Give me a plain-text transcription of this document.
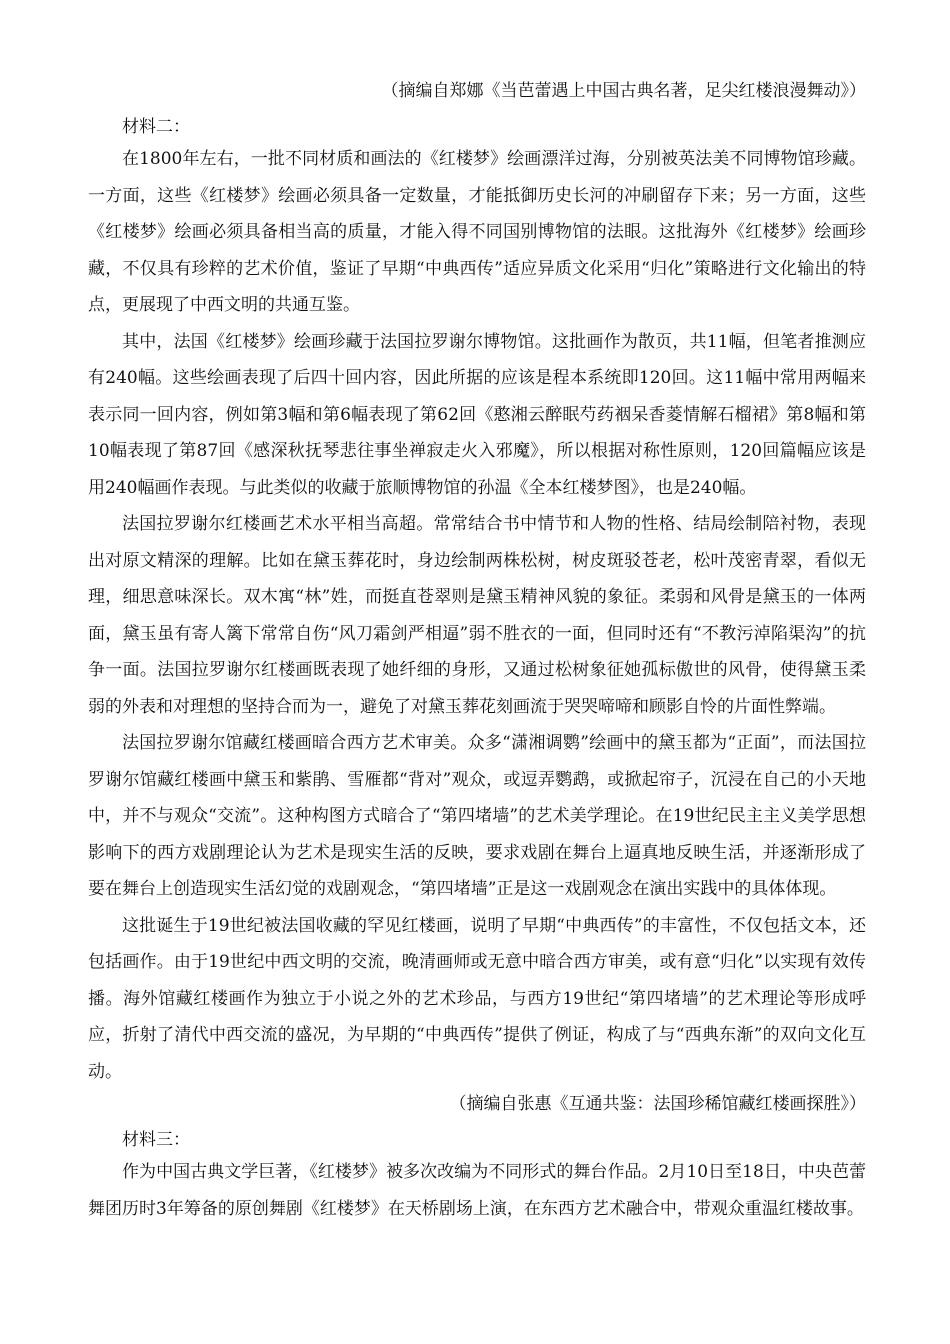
（摘编自郑娜《当芭蕾遇上中国古典名著，足尖红楼浪漫舞动》）
材料二：

在1800年左右，一批不同材质和画法的《红楼梦》绘画漂洋过海，分别被英法美不同博物馆珍藏。一方面，这些《红楼梦》绘画必须具备一定数量，才能抵御历史长河的冲刷留存下来；另一方面，这些《红楼梦》绘画必须具备相当高的质量，才能入得不同国别博物馆的法眼。这批海外《红楼梦》绘画珍藏，不仅具有珍粹的艺术价值，鉴证了早期“中典西传”适应异质文化采用“归化”策略进行文化输出的特点，更展现了中西文明的共通互鉴。

其中，法国《红楼梦》绘画珍藏于法国拉罗谢尔博物馆。这批画作为散页，共11幅，但笔者推测应有240幅。这些绘画表现了后四十回内容，因此所据的应该是程本系统即120回。这11幅中常用两幅来表示同一回内容，例如第3幅和第6幅表现了第62回《憨湘云醉眠芍药裀呆香菱情解石榴裙》第8幅和第10幅表现了第87回《感深秋抚琴悲往事坐禅寂走火入邪魔》，所以根据对称性原则，120回篇幅应该是用240幅画作表现。与此类似的收藏于旅顺博物馆的孙温《全本红楼梦图》，也是240幅。

法国拉罗谢尔红楼画艺术水平相当高超。常常结合书中情节和人物的性格、结局绘制陪衬物，表现出对原文精深的理解。比如在黛玉葬花时，身边绘制两株松树，树皮斑驳苍老，松叶茂密青翠，看似无理，细思意味深长。双木寓“林”姓，而挺直苍翠则是黛玉精神风貌的象征。柔弱和风骨是黛玉的一体两面，黛玉虽有寄人篱下常常自伤“风刀霜剑严相逼”弱不胜衣的一面，但同时还有“不教污淖陷渠沟”的抗争一面。法国拉罗谢尔红楼画既表现了她纤细的身形，又通过松树象征她孤标傲世的风骨，使得黛玉柔弱的外表和对理想的坚持合而为一，避免了对黛玉葬花刻画流于哭哭啼啼和顾影自怜的片面性弊端。

法国拉罗谢尔馆藏红楼画暗合西方艺术审美。众多“潇湘调鹦”绘画中的黛玉都为“正面”，而法国拉罗谢尔馆藏红楼画中黛玉和紫鹃、雪雁都“背对”观众，或逗弄鹦鹉，或掀起帘子，沉浸在自己的小天地中，并不与观众“交流”。这种构图方式暗合了“第四堵墙”的艺术美学理论。在19世纪民主主义美学思想影响下的西方戏剧理论认为艺术是现实生活的反映，要求戏剧在舞台上逼真地反映生活，并逐渐形成了要在舞台上创造现实生活幻觉的戏剧观念，“第四堵墙”正是这一戏剧观念在演出实践中的具体体现。

这批诞生于19世纪被法国收藏的罕见红楼画，说明了早期“中典西传”的丰富性，不仅包括文本，还包括画作。由于19世纪中西文明的交流，晚清画师或无意中暗合西方审美，或有意“归化”以实现有效传播。海外馆藏红楼画作为独立于小说之外的艺术珍品，与西方19世纪“第四堵墙”的艺术理论等形成呼应，折射了清代中西交流的盛况，为早期的“中典西传”提供了例证，构成了与“西典东渐”的双向文化互动。

（摘编自张惠《互通共鉴：法国珍稀馆藏红楼画探胜》）
材料三：

作为中国古典文学巨著，《红楼梦》被多次改编为不同形式的舞台作品。2月10日至18日，中央芭蕾舞团历时3年筹备的原创舞剧《红楼梦》在天桥剧场上演，在东西方艺术融合中，带观众重温红楼故事。
